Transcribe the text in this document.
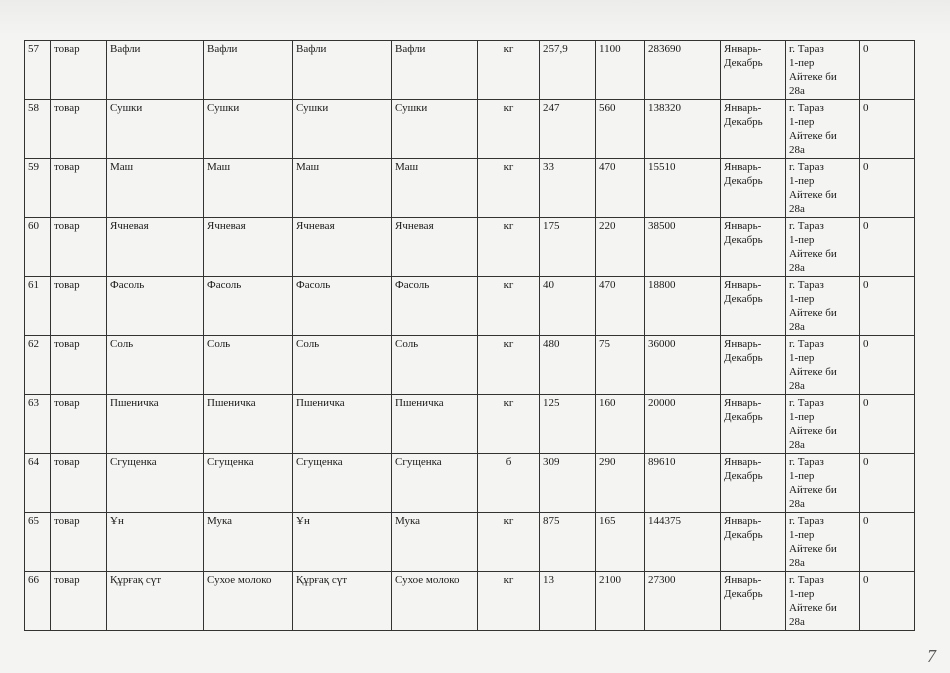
57	товар	Вафли	Вафли	Вафли	Вафли	кг	257,9	1100	283690	Январь-
Декабрь	г. Тараз
1-пер
Айтеке би
28а	0
58	товар	Сушки	Сушки	Сушки	Сушки	кг	247	560	138320	Январь-
Декабрь	г. Тараз
1-пер
Айтеке би
28а	0
59	товар	Маш	Маш	Маш	Маш	кг	33	470	15510	Январь-
Декабрь	г. Тараз
1-пер
Айтеке би
28а	0
60	товар	Ячневая	Ячневая	Ячневая	Ячневая	кг	175	220	38500	Январь-
Декабрь	г. Тараз
1-пер
Айтеке би
28а	0
61	товар	Фасоль	Фасоль	Фасоль	Фасоль	кг	40	470	18800	Январь-
Декабрь	г. Тараз
1-пер
Айтеке би
28а	0
62	товар	Соль	Соль	Соль	Соль	кг	480	75	36000	Январь-
Декабрь	г. Тараз
1-пер
Айтеке би
28а	0
63	товар	Пшеничка	Пшеничка	Пшеничка	Пшеничка	кг	125	160	20000	Январь-
Декабрь	г. Тараз
1-пер
Айтеке би
28а	0
64	товар	Сгущенка	Сгущенка	Сгущенка	Сгущенка	б	309	290	89610	Январь-
Декабрь	г. Тараз
1-пер
Айтеке би
28а	0
65	товар	Ұн	Мука	Ұн	Мука	кг	875	165	144375	Январь-
Декабрь	г. Тараз
1-пер
Айтеке би
28а	0
66	товар	Құрғақ сүт	Сухое молоко	Құрғақ сүт	Сухое молоко	кг	13	2100	27300	Январь-
Декабрь	г. Тараз
1-пер
Айтеке би
28а	0
7
